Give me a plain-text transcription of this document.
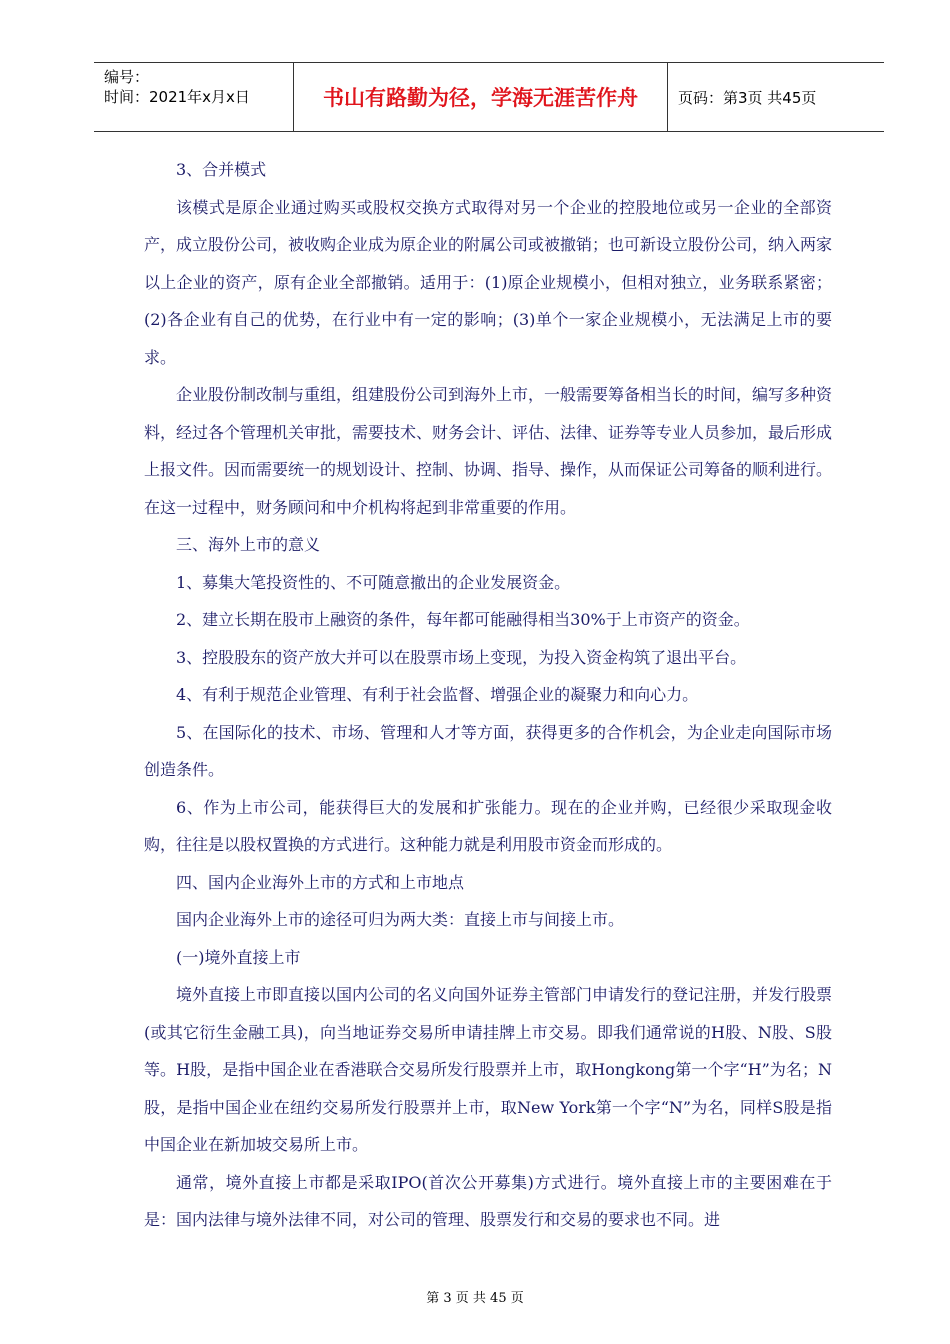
编号：
时间：2021年x月x日	书山有路勤为径，学海无涯苦作舟	页码：第3页 共45页

3、合并模式

该模式是原企业通过购买或股权交换方式取得对另一个企业的控股地位或另一企业的全部资产，成立股份公司，被收购企业成为原企业的附属公司或被撤销；也可新设立股份公司，纳入两家以上企业的资产，原有企业全部撤销。适用于：(1)原企业规模小，但相对独立，业务联系紧密；(2)各企业有自己的优势，在行业中有一定的影响；(3)单个一家企业规模小，无法满足上市的要求。

企业股份制改制与重组，组建股份公司到海外上市，一般需要筹备相当长的时间，编写多种资料，经过各个管理机关审批，需要技术、财务会计、评估、法律、证券等专业人员参加，最后形成上报文件。因而需要统一的规划设计、控制、协调、指导、操作，从而保证公司筹备的顺利进行。在这一过程中，财务顾问和中介机构将起到非常重要的作用。

三、海外上市的意义

1、募集大笔投资性的、不可随意撤出的企业发展资金。

2、建立长期在股市上融资的条件，每年都可能融得相当30%于上市资产的资金。

3、控股股东的资产放大并可以在股票市场上变现，为投入资金构筑了退出平台。

4、有利于规范企业管理、有利于社会监督、增强企业的凝聚力和向心力。

5、在国际化的技术、市场、管理和人才等方面，获得更多的合作机会，为企业走向国际市场创造条件。

6、作为上市公司，能获得巨大的发展和扩张能力。现在的企业并购，已经很少采取现金收购，往往是以股权置换的方式进行。这种能力就是利用股市资金而形成的。

四、国内企业海外上市的方式和上市地点

国内企业海外上市的途径可归为两大类：直接上市与间接上市。

(一)境外直接上市

境外直接上市即直接以国内公司的名义向国外证券主管部门申请发行的登记注册，并发行股票(或其它衍生金融工具)，向当地证券交易所申请挂牌上市交易。即我们通常说的H股、N股、S股等。H股，是指中国企业在香港联合交易所发行股票并上市，取Hongkong第一个字“H”为名；N股，是指中国企业在纽约交易所发行股票并上市，取New York第一个字“N”为名，同样S股是指中国企业在新加坡交易所上市。

通常，境外直接上市都是采取IPO(首次公开募集)方式进行。境外直接上市的主要困难在于是：国内法律与境外法律不同，对公司的管理、股票发行和交易的要求也不同。进

第 3 页 共 45 页
